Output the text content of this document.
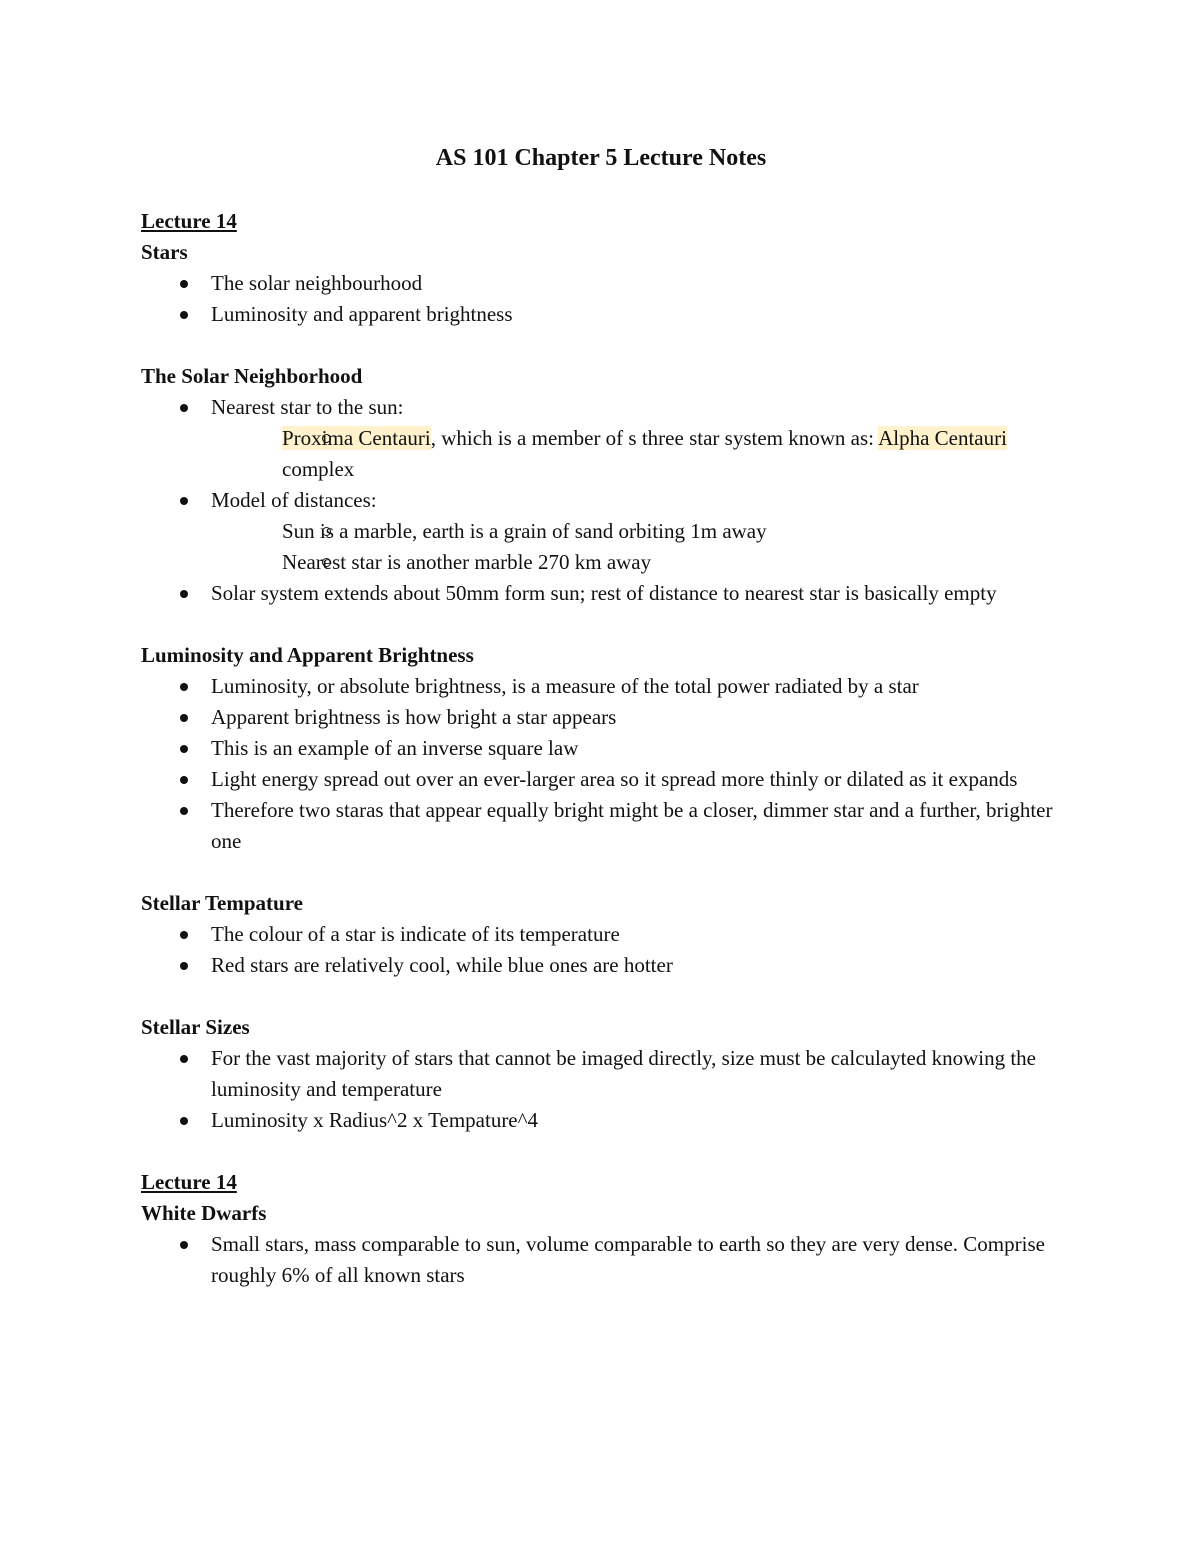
AS 101 Chapter 5 Lecture Notes
Lecture 14
Stars
The solar neighbourhood
Luminosity and apparent brightness
The Solar Neighborhood
Nearest star to the sun:
Proxima Centauri, which is a member of s three star system known as: Alpha Centauri complex
Model of distances:
Sun is a marble, earth is a grain of sand orbiting 1m away
Nearest star is another marble 270 km away
Solar system extends about 50mm form sun; rest of distance to nearest star is basically empty
Luminosity and Apparent Brightness
Luminosity, or absolute brightness, is a measure of the total power radiated by a star
Apparent brightness is how bright a star appears
This is an example of an inverse square law
Light energy spread out over an ever-larger area so it spread more thinly or dilated as it expands
Therefore two staras that appear equally bright might be a closer, dimmer star and a further, brighter one
Stellar Tempature
The colour of a star is indicate of its temperature
Red stars are relatively cool, while blue ones are hotter
Stellar Sizes
For the vast majority of stars that cannot be imaged directly, size must be calculayted knowing the luminosity and temperature
Luminosity x Radius^2 x Tempature^4
Lecture 14
White Dwarfs
Small stars, mass comparable to sun, volume comparable to earth so they are very dense. Comprise roughly 6% of all known stars
